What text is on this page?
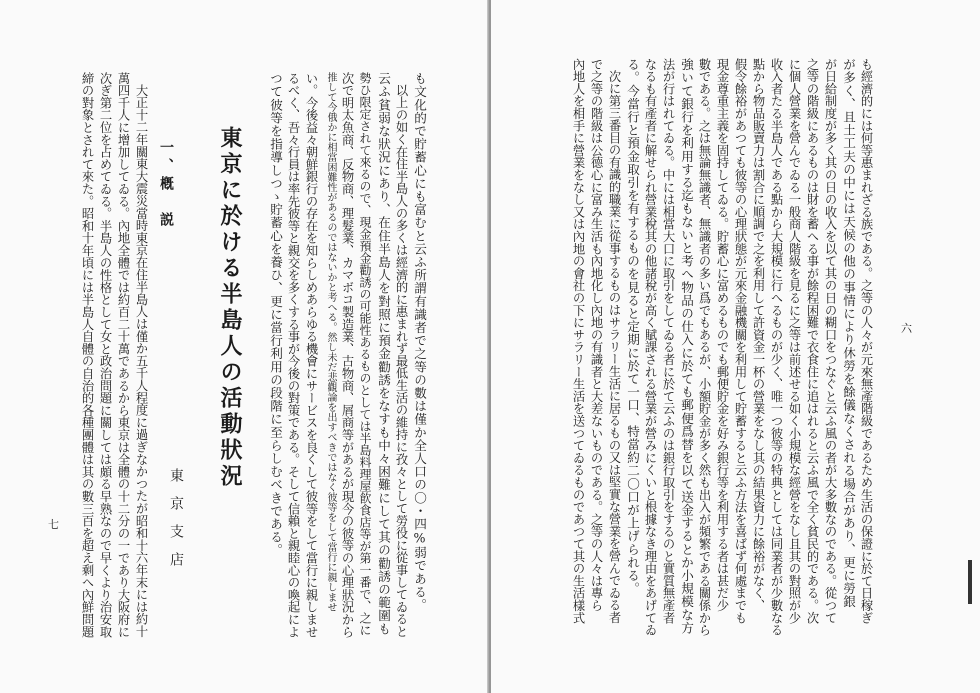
七	も文化的で貯蓄心にも富むと云ふ所謂有識者で之等の數は僅か全人口の〇・四%弱である。
以上の如く在住半島人の多くは經濟的に惠まれず最低生活の維持に孜々として勞役に從事してゐると
云ふ貧弱な狀況にあり、在住半島人を對照に預金勸誘をなすも中々困難にして其の勸誘の範圍も
勢ひ限定されて來るので、現金預金勸誘の可能性あるものとしては半島料理屋飮食店等が第一番で、之に
次で明太魚商、反物商、理髮業、カマボコ製造業、古物商、屑商等があるが現今の彼等の心理狀況から
推して今俄かに相當困難性があるのではないかと考へる。然し未だ悲觀論を出すべきではなく彼等をして當行に親しませ
い。今後益々朝鮮銀行の存在を知らしめあらゆる機會にサービスを良くして彼等をして當行に親しませ
るべく、吾々行員は率先彼等と親交を多くする事が今後の對策である。そして信賴と親睦心の喚起によ
つて彼等を指導しつゝ貯蓄心を養ひ、更に當行利用の段階に至らしむべきである。
東京に於ける半島人の活動狀況
東京支店
一、槪　説
大正十二年關東大震災當時東京在住半島人は僅か五千人程度に過ぎなかつたが昭和十六年末には約十
萬四千人に增加してゐる。內地全體では約百二十萬であるから東京は全體の十二分の一であり大阪府に
次ぎ第二位を占めてゐる。半島人の性格として女と政治問題に關しては頗る早熟なので早くより治安取
締の對象とされて來た。昭和十年頃には半島人自體の自治的各種團體は其の數三百を超え剩へ內鮮問題	六
も經濟的には何等惠まれざる族である。之等の人々が元來無產階級であるため生活の保證に於て日稼ぎ
が多く、且土工夫の中には天候の他の事情により休勞を餘儀なくされる場合があり、更に勞銀
が日給制度が多く其の日の收入を以て其の日の糊口をつなぐと云ふ風の者が大多數なのである。從つて
之等の階級にあるものは財を蓄へる事が餘程困難で衣食住に追はれると云ふ風で全く貧民的である。次
に個人營業を營んでゐる一般商人階級を見るに之等は前述せる如く小規模な經營をなし且其の對照が少
收入者たる半島人である點から大規模に行へるものが少く、唯一つ彼等の特典としては同業者が少數なる
點から物品販賣力は割合に順調で之を利用して許資金一杯の營業をなし其の結果資力に餘裕がなく、
假令餘裕があつても彼等の心理狀態が元來金融機關を利用して貯蓄すると云ふ方法を喜ばず何處までも
現金尊重主義を固持してゐる。貯蓄心に富めるものでも郵便貯金を好み銀行等を利用する者は甚だ少
數である。之は無論無識者、無識者の多い爲でもあるが、小額貯金が多く然も出入が頻繁である關係から
強いて銀行を利用する迄もないと考へ物品の仕入に於ても郵便爲替を以て送金するとか小規模な方
法が行はれてゐる。中には相當大口に取引をしてゐる者に於て云ふのは銀行取引をするのと實質無產者
なるも有產者に解せられ營業稅其の他諸稅が高く賦課される營業が營みにくいと根據なき理由をあげてゐ
る。今當行と預金取引を有するものを見ると定期に於て一口、特當約二〇口が上げられる。
次に第三番目の有識的職業に從事するものはサラリー生活に居るもの又は堅實な營業を營んでゐる者
で之等の階級は公德心に富み生活も內地化し內地の有識者と大差ないものである。之等の人々は專ら
內地人を相手に營業をなし又は內地の會社の下にサラリー生活を送つてゐるものであつて其の生活樣式
